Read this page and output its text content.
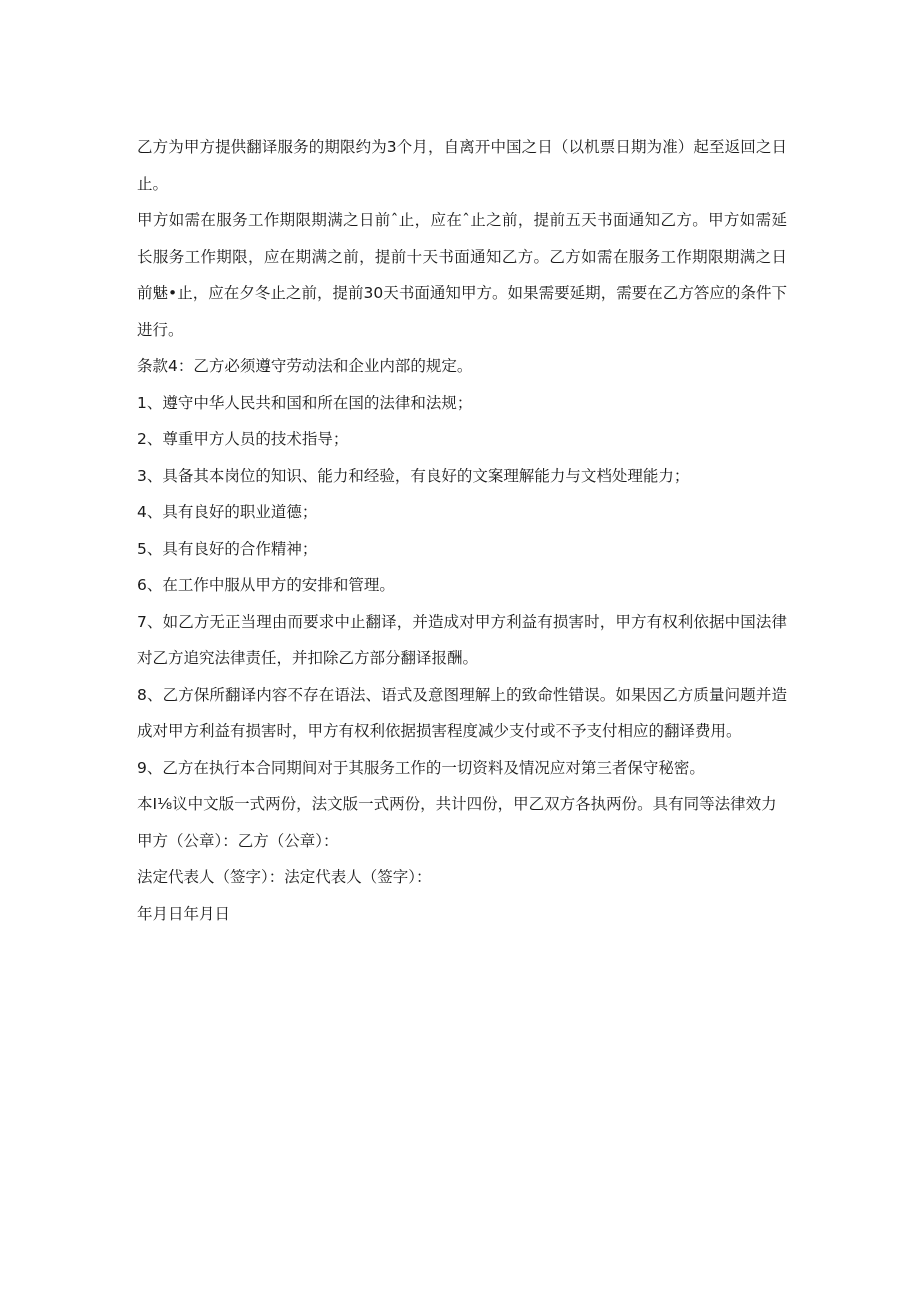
乙方为甲方提供翻译服务的期限约为3个月，自离开中国之日（以机票日期为准）起至返回之日止。

甲方如需在服务工作期限期满之日前ˆ止，应在ˆ止之前，提前五天书面通知乙方。甲方如需延长服务工作期限，应在期满之前，提前十天书面通知乙方。乙方如需在服务工作期限期满之日前魅•止，应在夕冬止之前，提前30天书面通知甲方。如果需要延期，需要在乙方答应的条件下进行。

条款4：乙方必须遵守劳动法和企业内部的规定。

1、遵守中华人民共和国和所在国的法律和法规；

2、尊重甲方人员的技术指导；

3、具备其本岗位的知识、能力和经验，有良好的文案理解能力与文档处理能力；

4、具有良好的职业道德；

5、具有良好的合作精神；

6、在工作中服从甲方的安排和管理。

7、如乙方无正当理由而要求中止翻译，并造成对甲方利益有损害时，甲方有权利依据中国法律对乙方追究法律责任，并扣除乙方部分翻译报酬。

8、乙方保所翻译内容不存在语法、语式及意图理解上的致命性错误。如果因乙方质量问题并造成对甲方利益有损害时，甲方有权利依据损害程度减少支付或不予支付相应的翻译费用。

9、乙方在执行本合同期间对于其服务工作的一切资料及情况应对第三者保守秘密。

本I⅛议中文版一式两份，法文版一式两份，共计四份，甲乙双方各执两份。具有同等法律效力

甲方（公章）：乙方（公章）：

法定代表人（签字）：法定代表人（签字）：

年月日年月日
